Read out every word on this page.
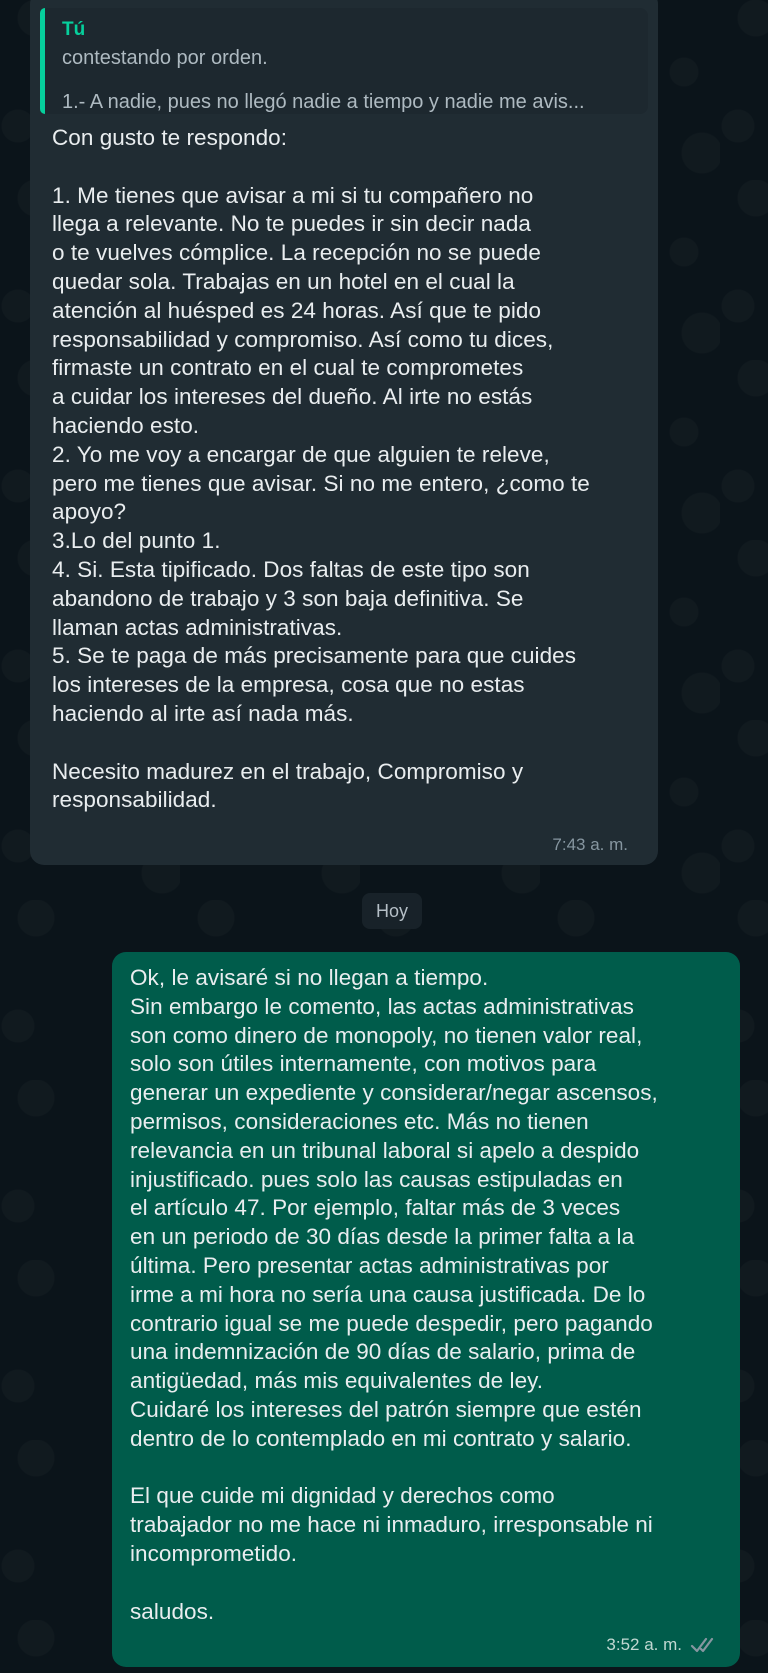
Tú
contestando por orden.
1.- A nadie, pues no llegó nadie a tiempo y nadie me avis...
Con gusto te respondo:

1. Me tienes que avisar a mi si tu compañero no
llega a relevante. No te puedes ir sin decir nada
o te vuelves cómplice. La recepción no se puede
quedar sola. Trabajas en un hotel en el cual la
atención al huésped es 24 horas. Así que te pido
responsabilidad y compromiso. Así como tu dices,
firmaste un contrato en el cual te comprometes
a cuidar los intereses del dueño. Al irte no estás
haciendo esto.
2. Yo me voy a encargar de que alguien te releve,
pero me tienes que avisar. Si no me entero, ¿como te
apoyo?
3.Lo del punto 1.
4. Si. Esta tipificado. Dos faltas de este tipo son
abandono de trabajo y 3 son baja definitiva. Se
llaman actas administrativas.
5. Se te paga de más precisamente para que cuides
los intereses de la empresa, cosa que no estas
haciendo al irte así nada más.

Necesito madurez en el trabajo, Compromiso y
responsabilidad.
7:43 a. m.
Hoy
Ok, le avisaré si no llegan a tiempo.
Sin embargo le comento, las actas administrativas
son como dinero de monopoly, no tienen valor real,
solo son útiles internamente, con motivos para
generar un expediente y considerar/negar ascensos,
permisos, consideraciones etc. Más no tienen
relevancia en un tribunal laboral si apelo a despido
injustificado. pues solo las causas estipuladas en
el artículo 47. Por ejemplo, faltar más de 3 veces
en un periodo de 30 días desde la primer falta a la
última. Pero presentar actas administrativas por
irme a mi hora no sería una causa justificada. De lo
contrario igual se me puede despedir, pero pagando
una indemnización de 90 días de salario, prima de
antigüedad, más mis equivalentes de ley.
Cuidaré los intereses del patrón siempre que estén
dentro de lo contemplado en mi contrato y salario.

El que cuide mi dignidad y derechos como
trabajador no me hace ni inmaduro, irresponsable ni
incomprometido.

saludos.
3:52 a. m.
